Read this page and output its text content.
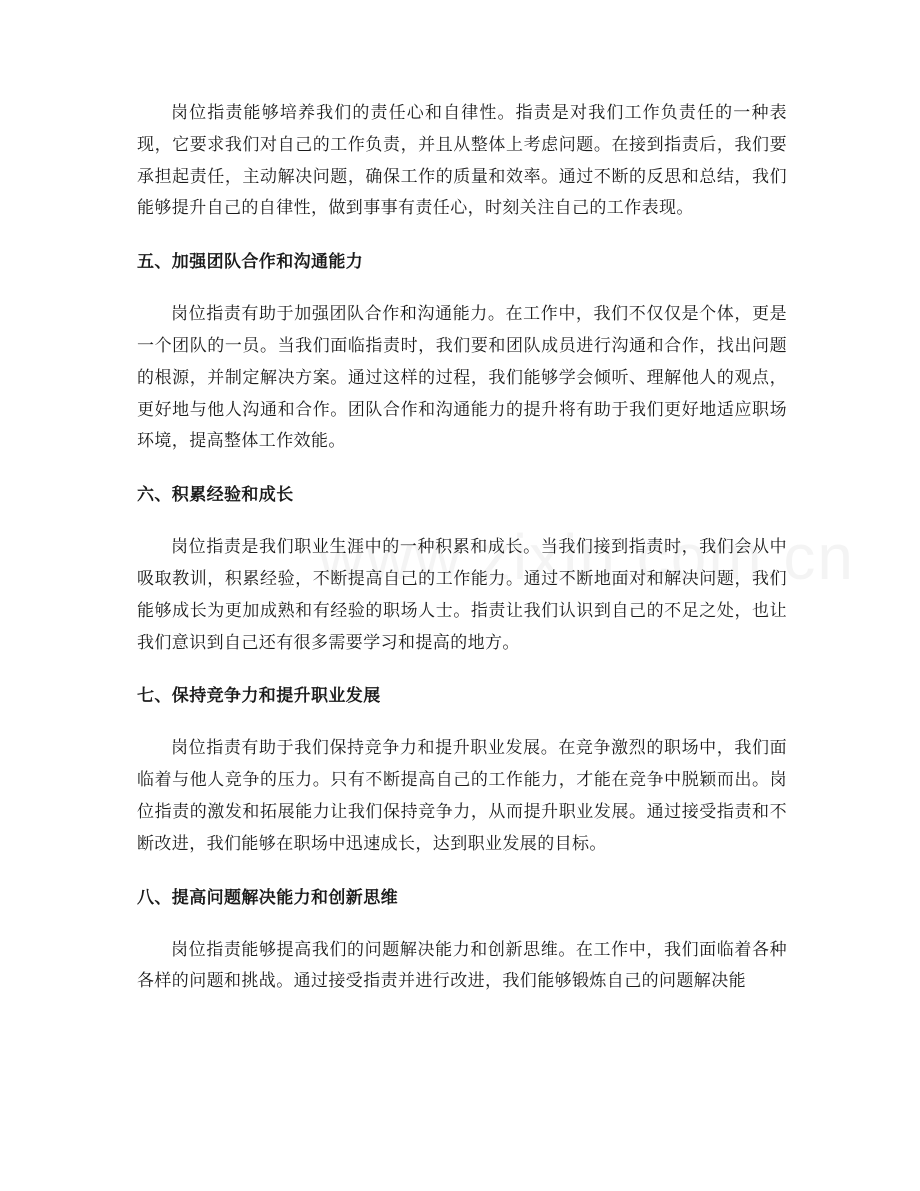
岗位指责能够培养我们的责任心和自律性。指责是对我们工作负责任的一种表现，它要求我们对自己的工作负责，并且从整体上考虑问题。在接到指责后，我们要承担起责任，主动解决问题，确保工作的质量和效率。通过不断的反思和总结，我们能够提升自己的自律性，做到事事有责任心，时刻关注自己的工作表现。

五、加强团队合作和沟通能力

岗位指责有助于加强团队合作和沟通能力。在工作中，我们不仅仅是个体，更是一个团队的一员。当我们面临指责时，我们要和团队成员进行沟通和合作，找出问题的根源，并制定解决方案。通过这样的过程，我们能够学会倾听、理解他人的观点，更好地与他人沟通和合作。团队合作和沟通能力的提升将有助于我们更好地适应职场环境，提高整体工作效能。

六、积累经验和成长

岗位指责是我们职业生涯中的一种积累和成长。当我们接到指责时，我们会从中吸取教训，积累经验，不断提高自己的工作能力。通过不断地面对和解决问题，我们能够成长为更加成熟和有经验的职场人士。指责让我们认识到自己的不足之处，也让我们意识到自己还有很多需要学习和提高的地方。

七、保持竞争力和提升职业发展

岗位指责有助于我们保持竞争力和提升职业发展。在竞争激烈的职场中，我们面临着与他人竞争的压力。只有不断提高自己的工作能力，才能在竞争中脱颖而出。岗位指责的激发和拓展能力让我们保持竞争力，从而提升职业发展。通过接受指责和不断改进，我们能够在职场中迅速成长，达到职业发展的目标。

八、提高问题解决能力和创新思维

岗位指责能够提高我们的问题解决能力和创新思维。在工作中，我们面临着各种各样的问题和挑战。通过接受指责并进行改进，我们能够锻炼自己的问题解决能
